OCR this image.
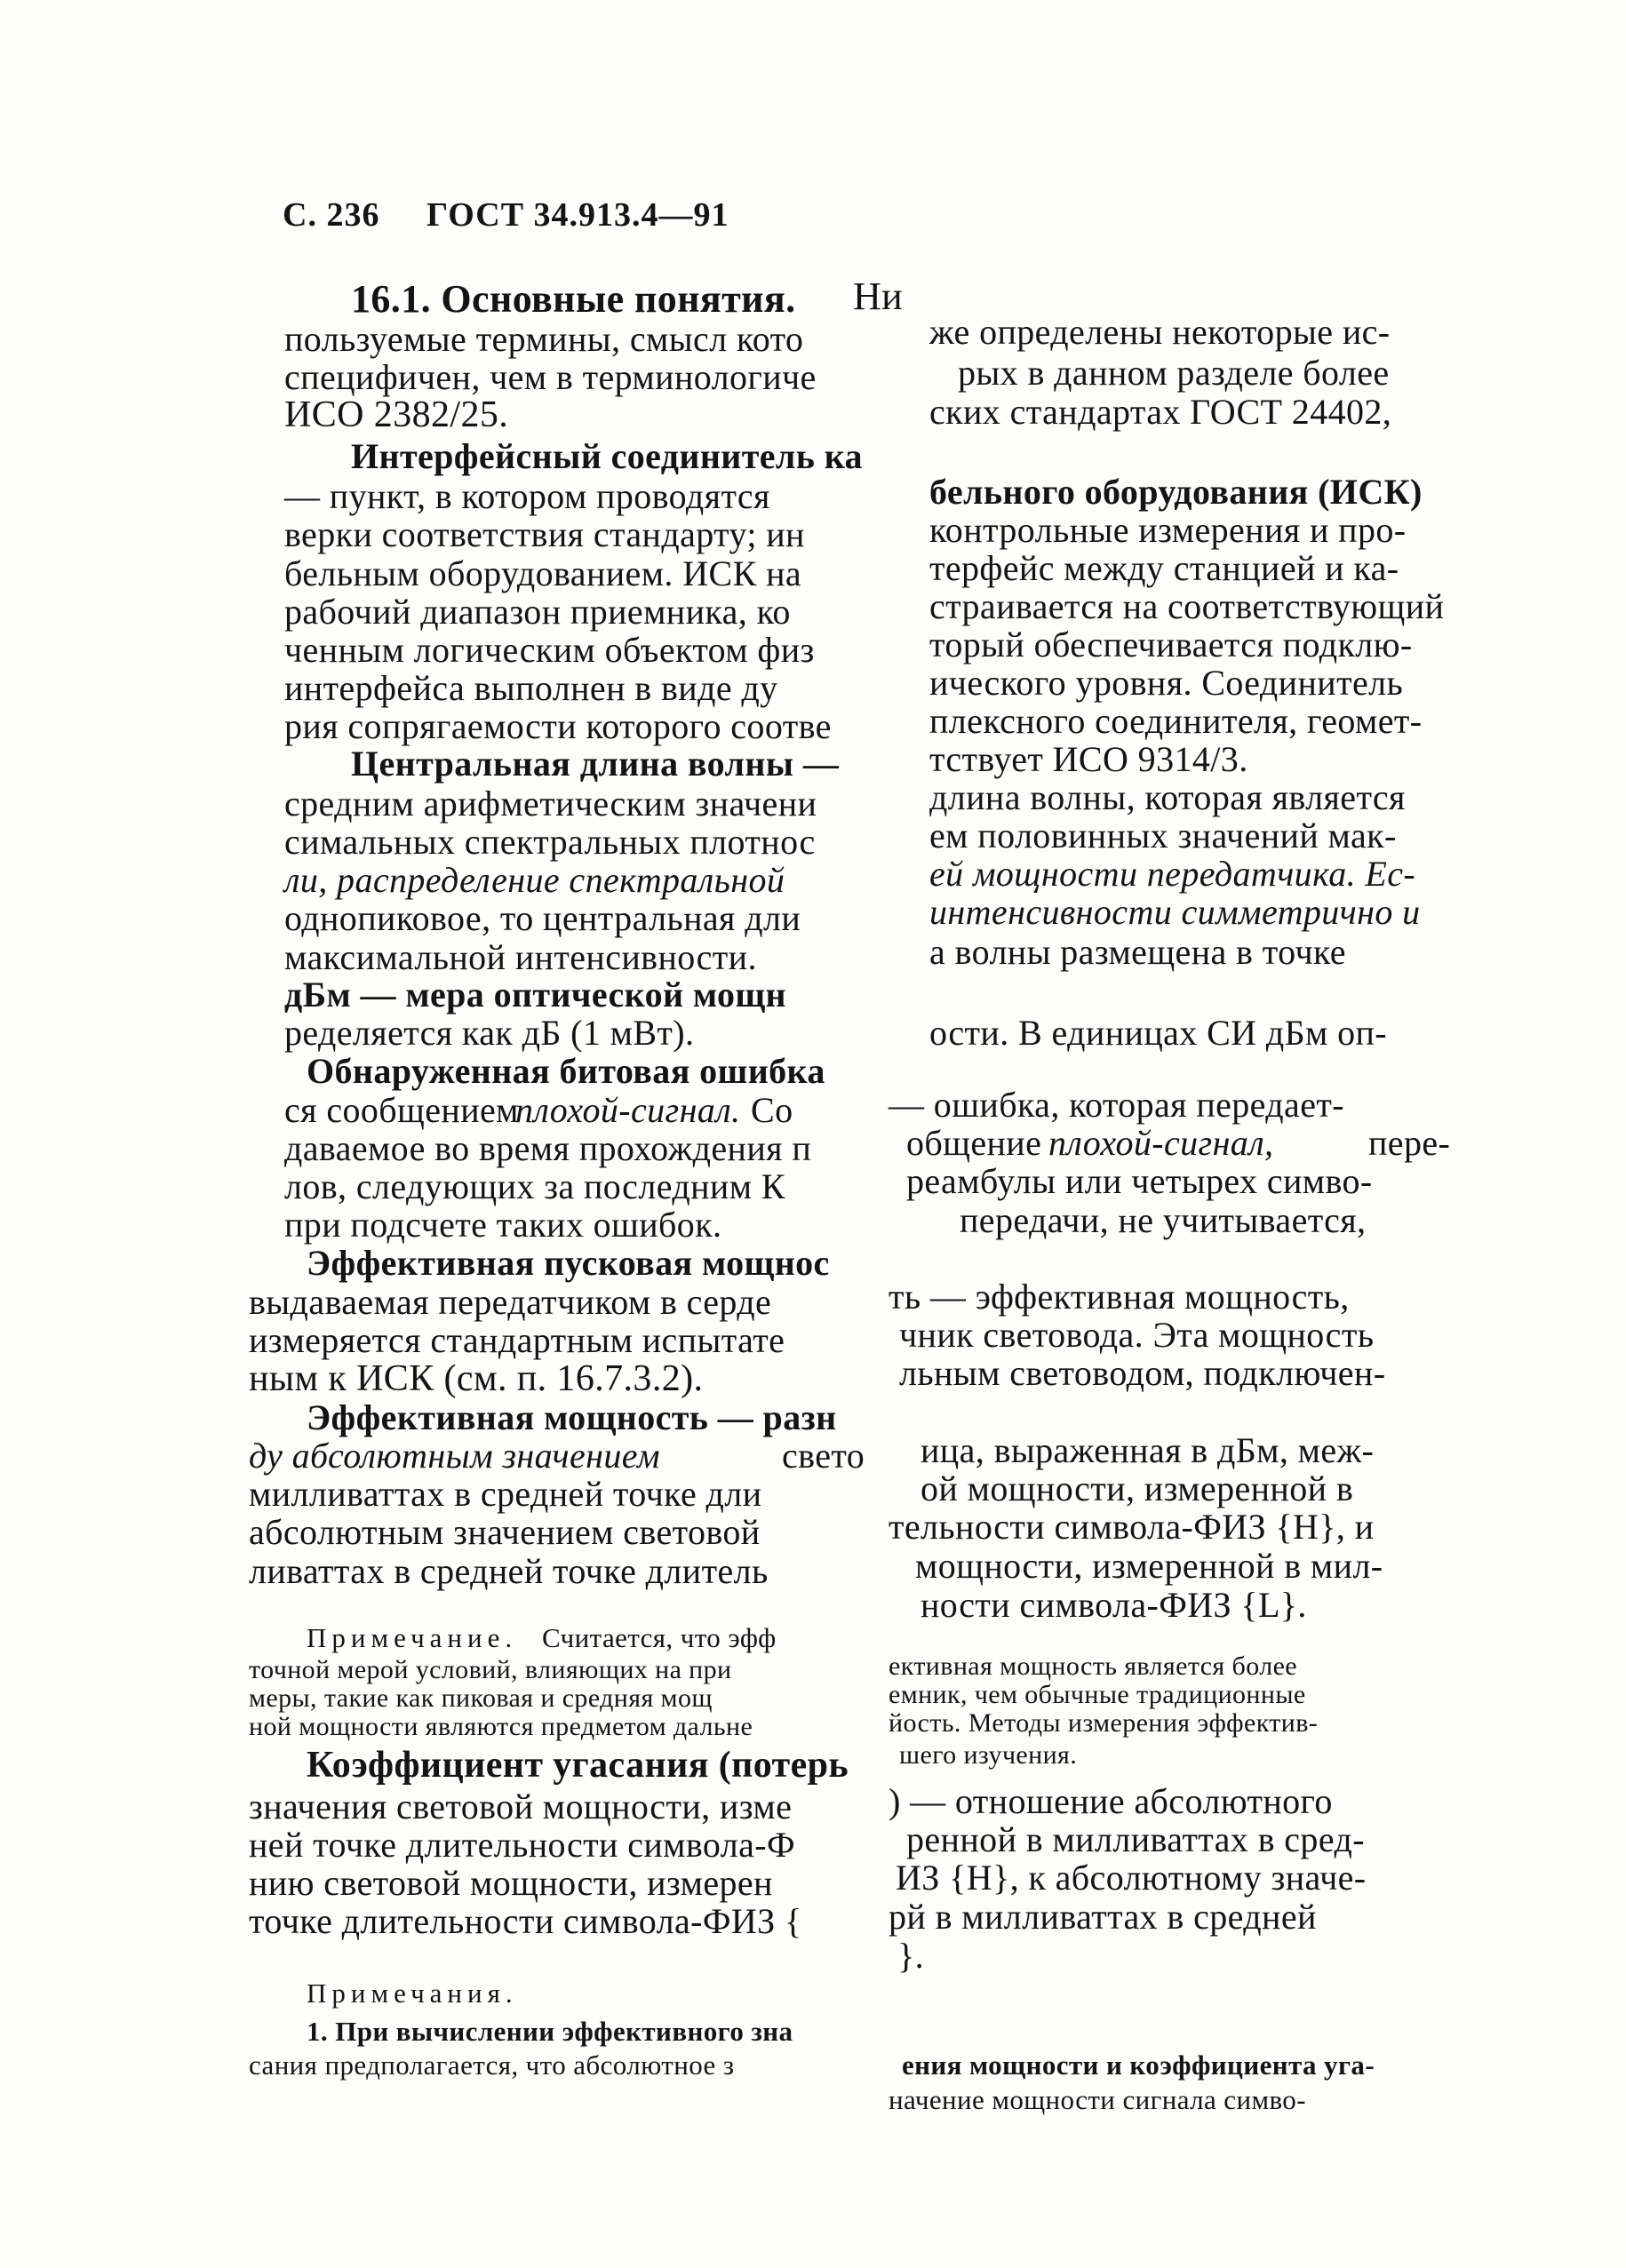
С. 236 ГОСТ 34.913.4—91
16.1. Основные понятия. Ни
пользуемые термины, смысл кото	же определены некоторые ис-
специфичен, чем в терминологиче	рых в данном разделе более
ИСО 2382/25.	ских стандартах ГОСТ 24402,
Интерфейсный соединитель ка
— пункт, в котором проводятся	бельного оборудования (ИСК)
верки соответствия стандарту; ин	контрольные измерения и про-
бельным оборудованием. ИСК на	терфейс между станцией и ка-
рабочий диапазон приемника, ко	страивается на соответствующий
ченным логическим объектом физ	торый обеспечивается подклю-
интерфейса выполнен в виде ду	ического уровня. Соединитель
рия сопрягаемости которого соотве	плексного соединителя, геомет-
Центральная длина волны —	тствует ИСО 9314/3.
средним арифметическим значени	длина волны, которая является
симальных спектральных плотнос	ем половинных значений мак-
ли, распределение спектральной	ей мощности передатчика. Ес-
однопиковое, то центральная дли	интенсивности симметрично и
максимальной интенсивности.	а волны размещена в точке
дБм — мера оптической мощн
ределяется как дБ (1 мВт).	ости. В единицах СИ дБм оп-
Обнаруженная битовая ошибка
ся сообщением
плохой-сигнал. Со	— ошибка, которая передает-
даваемое во время прохождения п	общение плохой-сигнал,	пере-
лов, следующих за последним К	реамбулы или четырех симво-
при подсчете таких ошибок.	передачи, не учитывается,
Эффективная пусковая мощнос
выдаваемая передатчиком в серде	ть — эффективная мощность,
измеряется стандартным испытате	чник световода. Эта мощность
ным к ИСК (см. п. 16.7.3.2).	льным световодом, подключен-
Эффективная мощность — разн
ду абсолютным значением	свето ица, выраженная в дБм, меж-
милливаттах в средней точке дли	ой мощности, измеренной в
абсолютным значением световой	тельности символа-ФИЗ {Н}, и
ливаттах в средней точке длитель	мощности, измеренной в мил-
ности символа-ФИЗ {L}.
Примечание. Считается, что эфф
точной мерой условий, влияющих на при	ективная мощность является более
меры, такие как пиковая и средняя мощ	емник, чем обычные традиционные
ной мощности являются предметом дальне	йость. Методы измерения эффектив-
Коэффициент угасания (потерь шего изучения.
значения световой мощности, изме	) — отношение абсолютного
ней точке длительности символа-Ф	ренной в милливаттах в сред-
нию световой мощности, измерен	ИЗ {Н}, к абсолютному значе-
точке длительности символа-ФИЗ { рй в милливаттах в средней
}.
Примечания.
1. При вычислении эффективного зна
сания предполагается, что абсолютное з	ения мощности и коэффициента уга-
начение мощности сигнала симво-
